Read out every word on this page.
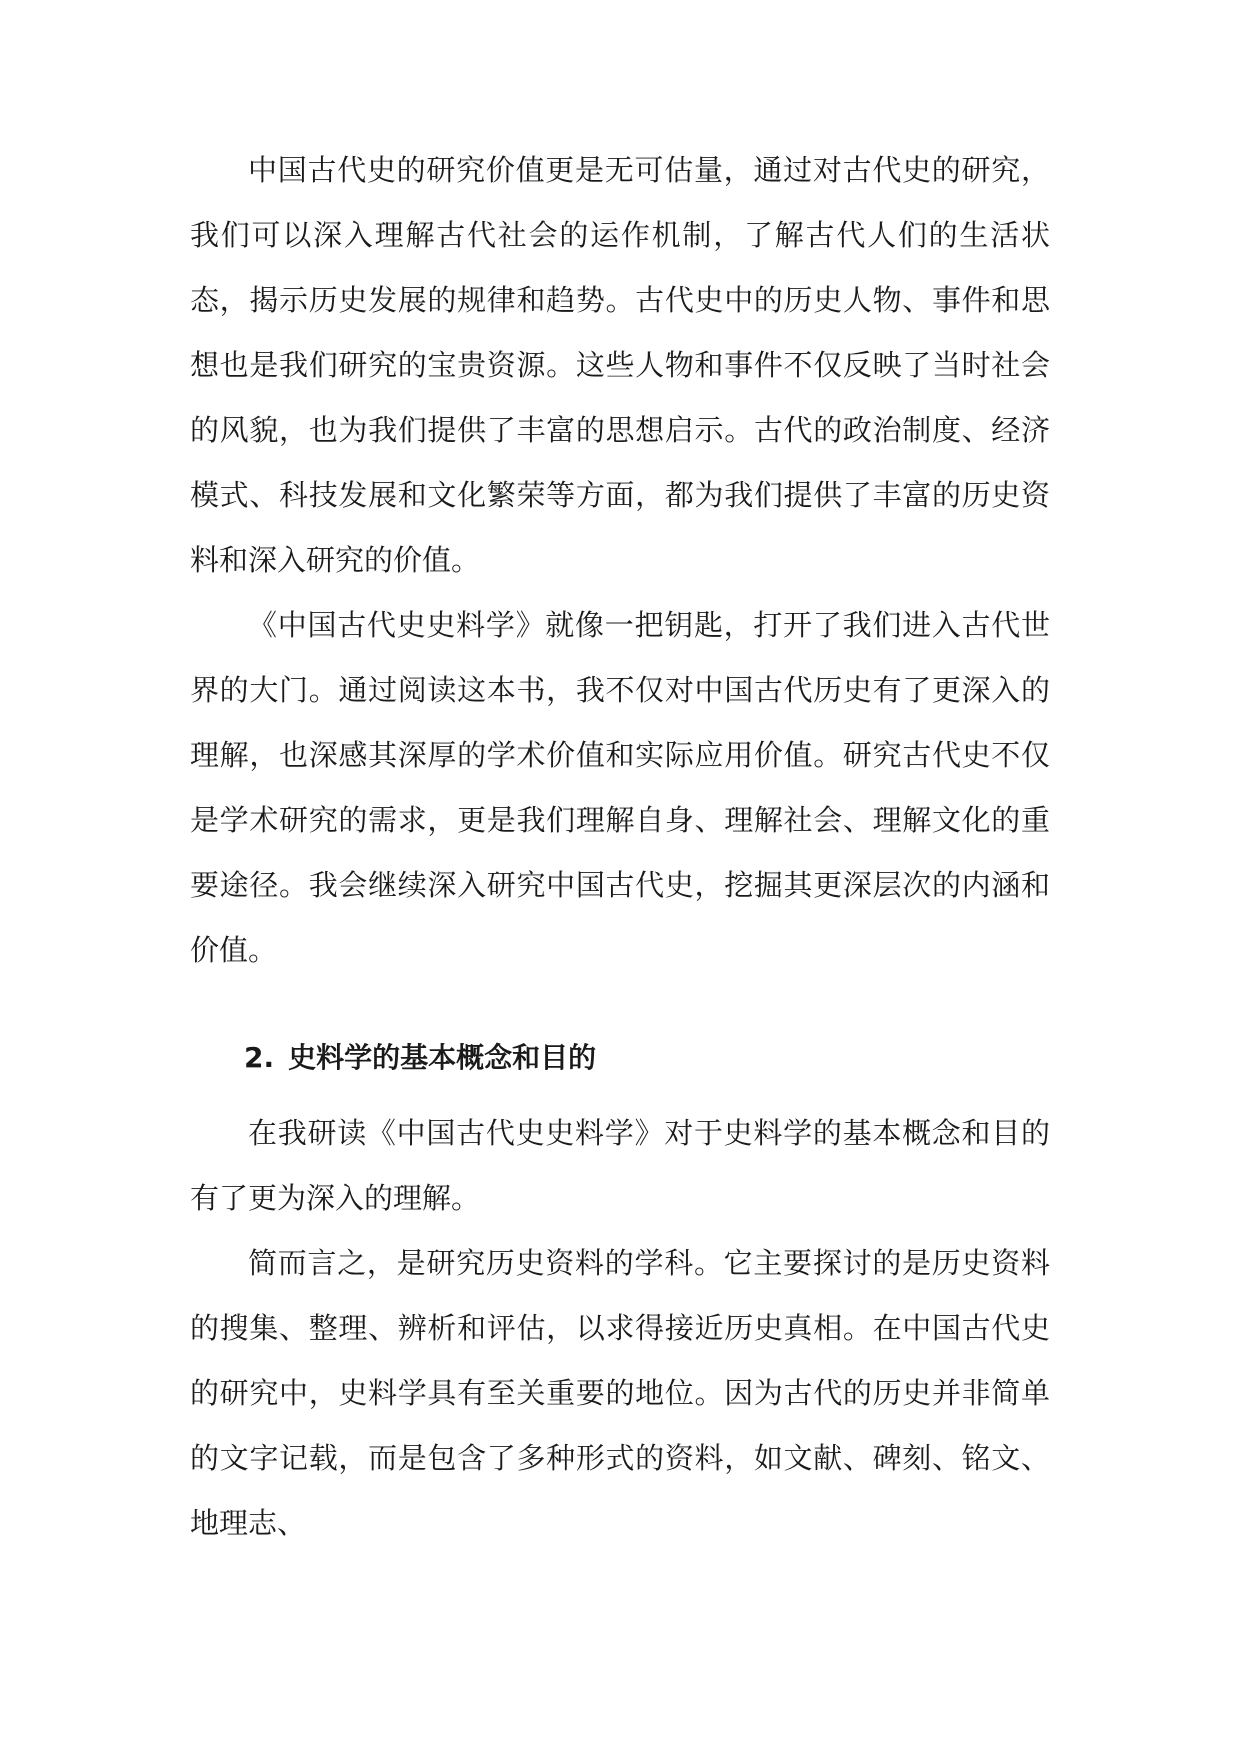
中国古代史的研究价值更是无可估量，通过对古代史的研究，我们可以深入理解古代社会的运作机制，了解古代人们的生活状态，揭示历史发展的规律和趋势。古代史中的历史人物、事件和思想也是我们研究的宝贵资源。这些人物和事件不仅反映了当时社会的风貌，也为我们提供了丰富的思想启示。古代的政治制度、经济模式、科技发展和文化繁荣等方面，都为我们提供了丰富的历史资料和深入研究的价值。

《中国古代史史料学》就像一把钥匙，打开了我们进入古代世界的大门。通过阅读这本书，我不仅对中国古代历史有了更深入的理解，也深感其深厚的学术价值和实际应用价值。研究古代史不仅是学术研究的需求，更是我们理解自身、理解社会、理解文化的重要途径。我会继续深入研究中国古代史，挖掘其更深层次的内涵和价值。

2. 史料学的基本概念和目的

在我研读《中国古代史史料学》对于史料学的基本概念和目的有了更为深入的理解。

简而言之，是研究历史资料的学科。它主要探讨的是历史资料的搜集、整理、辨析和评估，以求得接近历史真相。在中国古代史的研究中，史料学具有至关重要的地位。因为古代的历史并非简单的文字记载，而是包含了多种形式的资料，如文献、碑刻、铭文、地理志、
